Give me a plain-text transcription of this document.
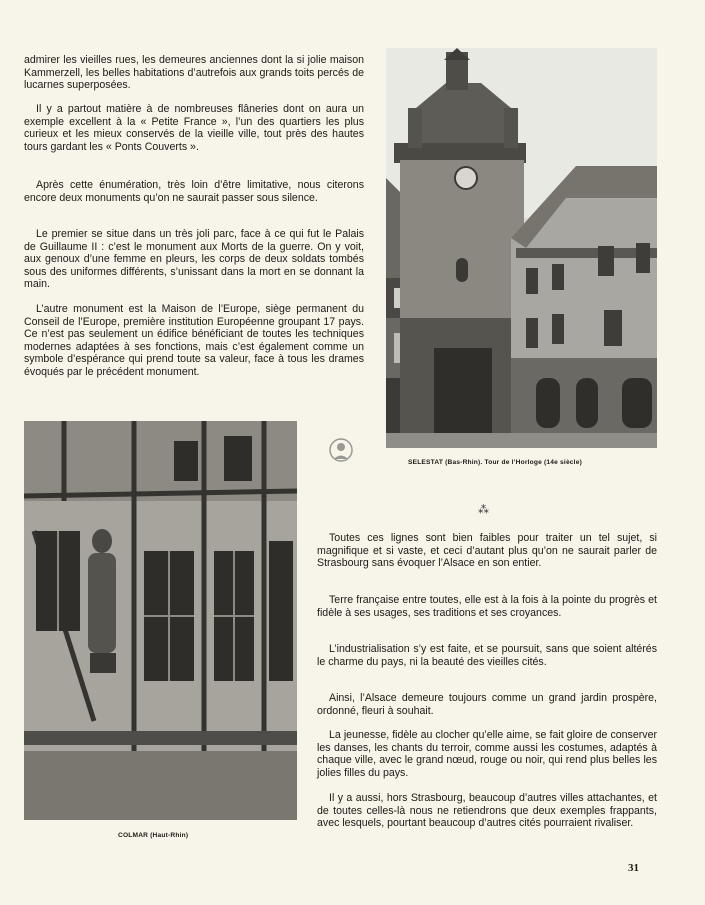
admirer les vieilles rues, les demeures anciennes dont la si jolie maison Kammerzell, les belles habitations d’autrefois aux grands toits percés de lucarnes superposées.

Il y a partout matière à de nombreuses flâneries dont on aura un exemple excellent à la « Petite France », l’un des quartiers les plus curieux et les mieux conservés de la vieille ville, tout près des hautes tours gardant les « Ponts Couverts ».

Après cette énumération, très loin d’être limitative, nous citerons encore deux monuments qu’on ne saurait passer sous silence.

Le premier se situe dans un très joli parc, face à ce qui fut le Palais de Guillaume II : c’est le monument aux Morts de la guerre. On y voit, aux genoux d’une femme en pleurs, les corps de deux soldats tombés sous des uniformes différents, s’unissant dans la mort en se donnant la main.

L’autre monument est la Maison de l’Europe, siège permanent du Conseil de l’Europe, première institution Européenne groupant 17 pays. Ce n’est pas seulement un édifice bénéficiant de toutes les techniques modernes adaptées à ses fonctions, mais c’est également comme un symbole d’espérance qui prend toute sa valeur, face à tous les drames évoqués par le précédent monument.

SELESTAT (Bas-Rhin). Tour de l’Horloge (14e siècle)

COLMAR (Haut-Rhin)

⁂

Toutes ces lignes sont bien faibles pour traiter un tel sujet, si magnifique et si vaste, et ceci d’autant plus qu’on ne saurait parler de Strasbourg sans évoquer l’Alsace en son entier.

Terre française entre toutes, elle est à la fois à la pointe du progrès et fidèle à ses usages, ses traditions et ses croyances.

L’industrialisation s’y est faite, et se poursuit, sans que soient altérés le charme du pays, ni la beauté des vieilles cités.

Ainsi, l’Alsace demeure toujours comme un grand jardin prospère, ordonné, fleuri à souhait.

La jeunesse, fidèle au clocher qu’elle aime, se fait gloire de conserver les danses, les chants du terroir, comme aussi les costumes, adaptés à chaque ville, avec le grand nœud, rouge ou noir, qui rend plus belles les jolies filles du pays.

Il y a aussi, hors Strasbourg, beaucoup d’autres villes attachantes, et de toutes celles-là nous ne retiendrons que deux exemples frappants, avec lesquels, pourtant beaucoup d’autres cités pourraient rivaliser.

31
